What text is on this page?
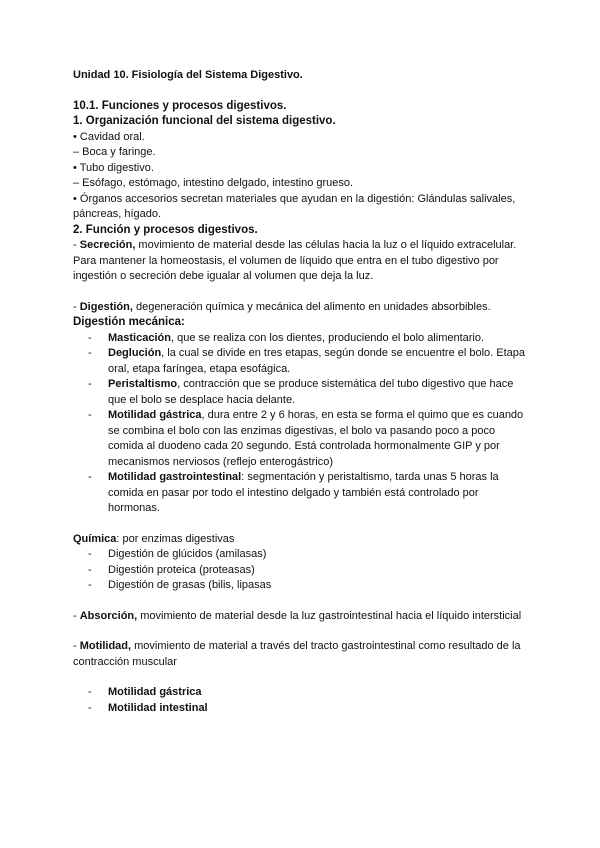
Unidad 10. Fisiología del Sistema Digestivo.
10.1. Funciones y procesos digestivos.
1. Organización funcional del sistema digestivo.
• Cavidad oral.
– Boca y faringe.
• Tubo digestivo.
– Esófago, estómago, intestino delgado, intestino grueso.
• Órganos accesorios secretan materiales que ayudan en la digestión: Glándulas salivales, páncreas, hígado.
2. Función y procesos digestivos.
- Secreción, movimiento de material desde las células hacia la luz o el líquido extracelular.
Para mantener la homeostasis, el volumen de líquido que entra en el tubo digestivo por ingestión o secreción debe igualar al volumen que deja la luz.
- Digestión, degeneración química y mecánica del alimento en unidades absorbibles.
Digestión mecánica:
- Masticación, que se realiza con los dientes, produciendo el bolo alimentario.
- Deglución, la cual se divide en tres etapas, según donde se encuentre el bolo. Etapa oral, etapa faríngea, etapa esofágica.
- Peristaltismo, contracción que se produce sistemática del tubo digestivo que hace que el bolo se desplace hacia delante.
- Motilidad gástrica, dura entre 2 y 6 horas, en esta se forma el quimo que es cuando se combina el bolo con las enzimas digestivas, el bolo va pasando poco a poco comida al duodeno cada 20 segundo. Está controlada hormonalmente GIP y por mecanismos nerviosos (reflejo enterogástrico)
- Motilidad gastrointestinal: segmentación y peristaltismo, tarda unas 5 horas la comida en pasar por todo el intestino delgado y también está controlado por hormonas.
Química: por enzimas digestivas
- Digestión de glúcidos (amilasas)
- Digestión proteica (proteasas)
- Digestión de grasas (bilis, lipasas
- Absorción, movimiento de material desde la luz gastrointestinal hacia el líquido intersticial
- Motilidad, movimiento de material a través del tracto gastrointestinal como resultado de la contracción muscular
- Motilidad gástrica
- Motilidad intestinal
